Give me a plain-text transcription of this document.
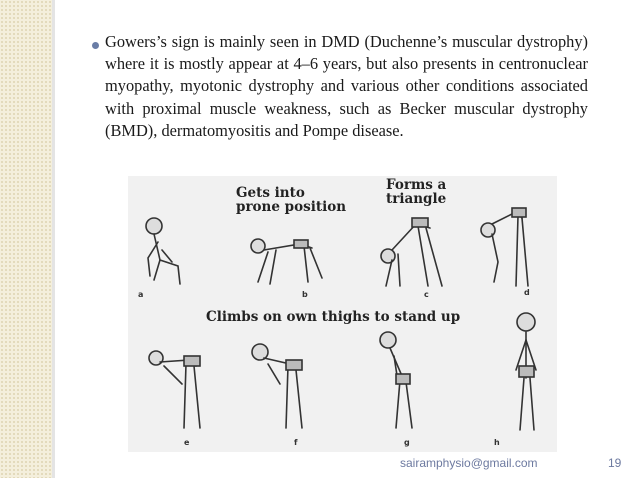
Gowers’s sign is mainly seen in DMD (Duchenne’s muscular dystrophy) where it is mostly appear at 4–6 years, but also presents in centronuclear myopathy, myotonic dystrophy and various other conditions associated with proximal muscle weakness, such as Becker muscular dystrophy (BMD), dermatomyositis and Pompe disease.

Gets into
prone position
Forms a
triangle
Climbs on own thighs to stand up
a	b	c	d
e	f	g	h
sairamphysio@gmail.com	19
